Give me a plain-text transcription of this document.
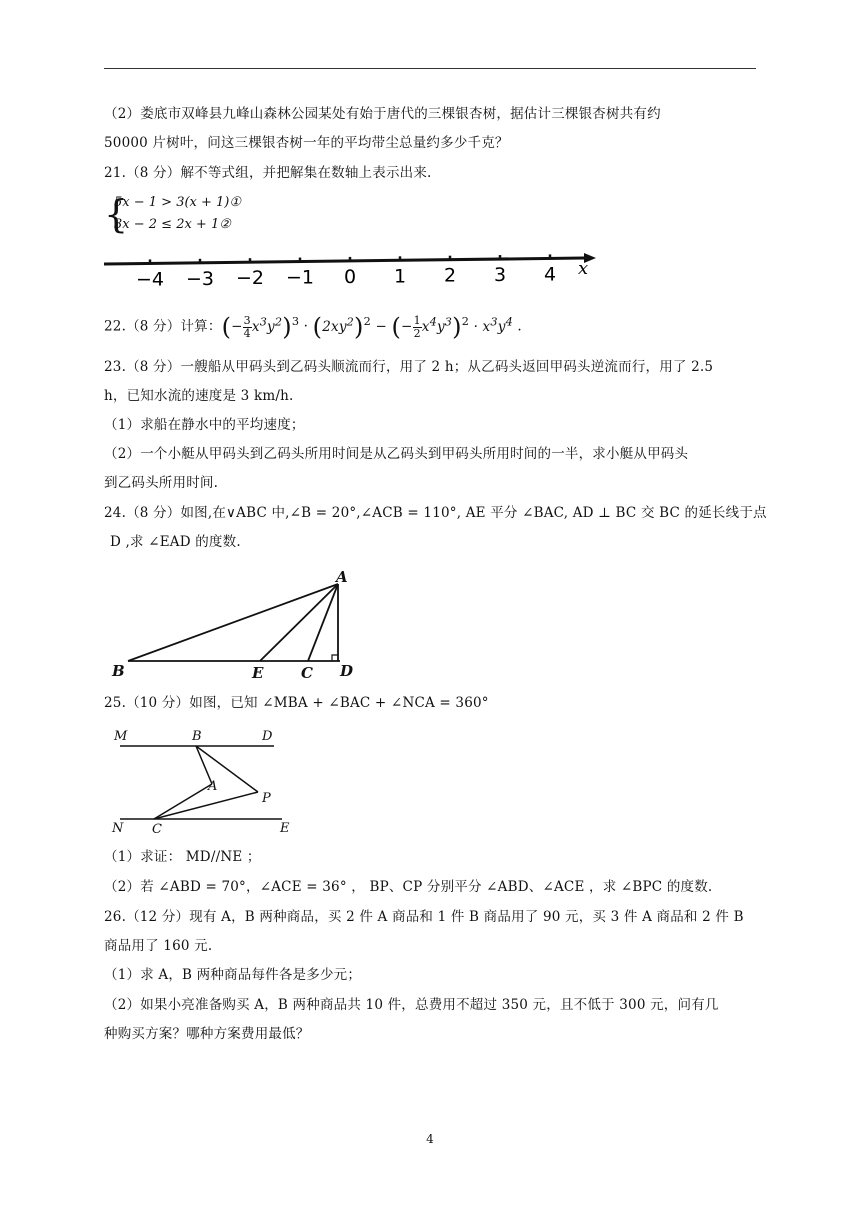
（2）娄底市双峰县九峰山森林公园某处有始于唐代的三棵银杏树，据估计三棵银杏树共有约
50000 片树叶，问这三棵银杏树一年的平均带尘总量约多少千克？
21.（8 分）解不等式组，并把解集在数轴上表示出来.
{
5x − 1 > 3(x + 1)①
3x − 2 ≤ 2x + 1②
−4 −3 −2 −1 0 1 2 3 4 x
22.（8 分）计算：(− $\frac{3}{4} x^3y^2)^3 \cdot (2xy^2)^2$ − (− $\frac{1}{2} x^4y^3)^2 \cdot x^3y^4$ .
23.（8 分）一艘船从甲码头到乙码头顺流而行，用了 2 h；从乙码头返回甲码头逆流而行，用了 2.5
h，已知水流的速度是 3 km/h.
（1）求船在静水中的平均速度；
（2）一个小艇从甲码头到乙码头所用时间是从乙码头到甲码头所用时间的一半，求小艇从甲码头
到乙码头所用时间.
24.（8 分）如图,在∨ABC 中,∠B = 20°,∠ACB = 110°, AE 平分 ∠BAC, AD ⊥ BC 交 BC 的延长线于点
D ,求 ∠EAD 的度数.
A
B	E	C D
25.（10 分）如图，已知 ∠MBA + ∠BAC + ∠NCA = 360°
M	B	D
A
P
N C	E
（1）求证： MD//NE ；
（2）若 ∠ABD = 70°，∠ACE = 36° ， BP、CP 分别平分 ∠ABD、∠ACE ，求 ∠BPC 的度数.
26.（12 分）现有 A，B 两种商品，买 2 件 A 商品和 1 件 B 商品用了 90 元，买 3 件 A 商品和 2 件 B
商品用了 160 元.
（1）求 A，B 两种商品每件各是多少元；
（2）如果小亮准备购买 A，B 两种商品共 10 件，总费用不超过 350 元，且不低于 300 元，问有几
种购买方案？哪种方案费用最低？
4
